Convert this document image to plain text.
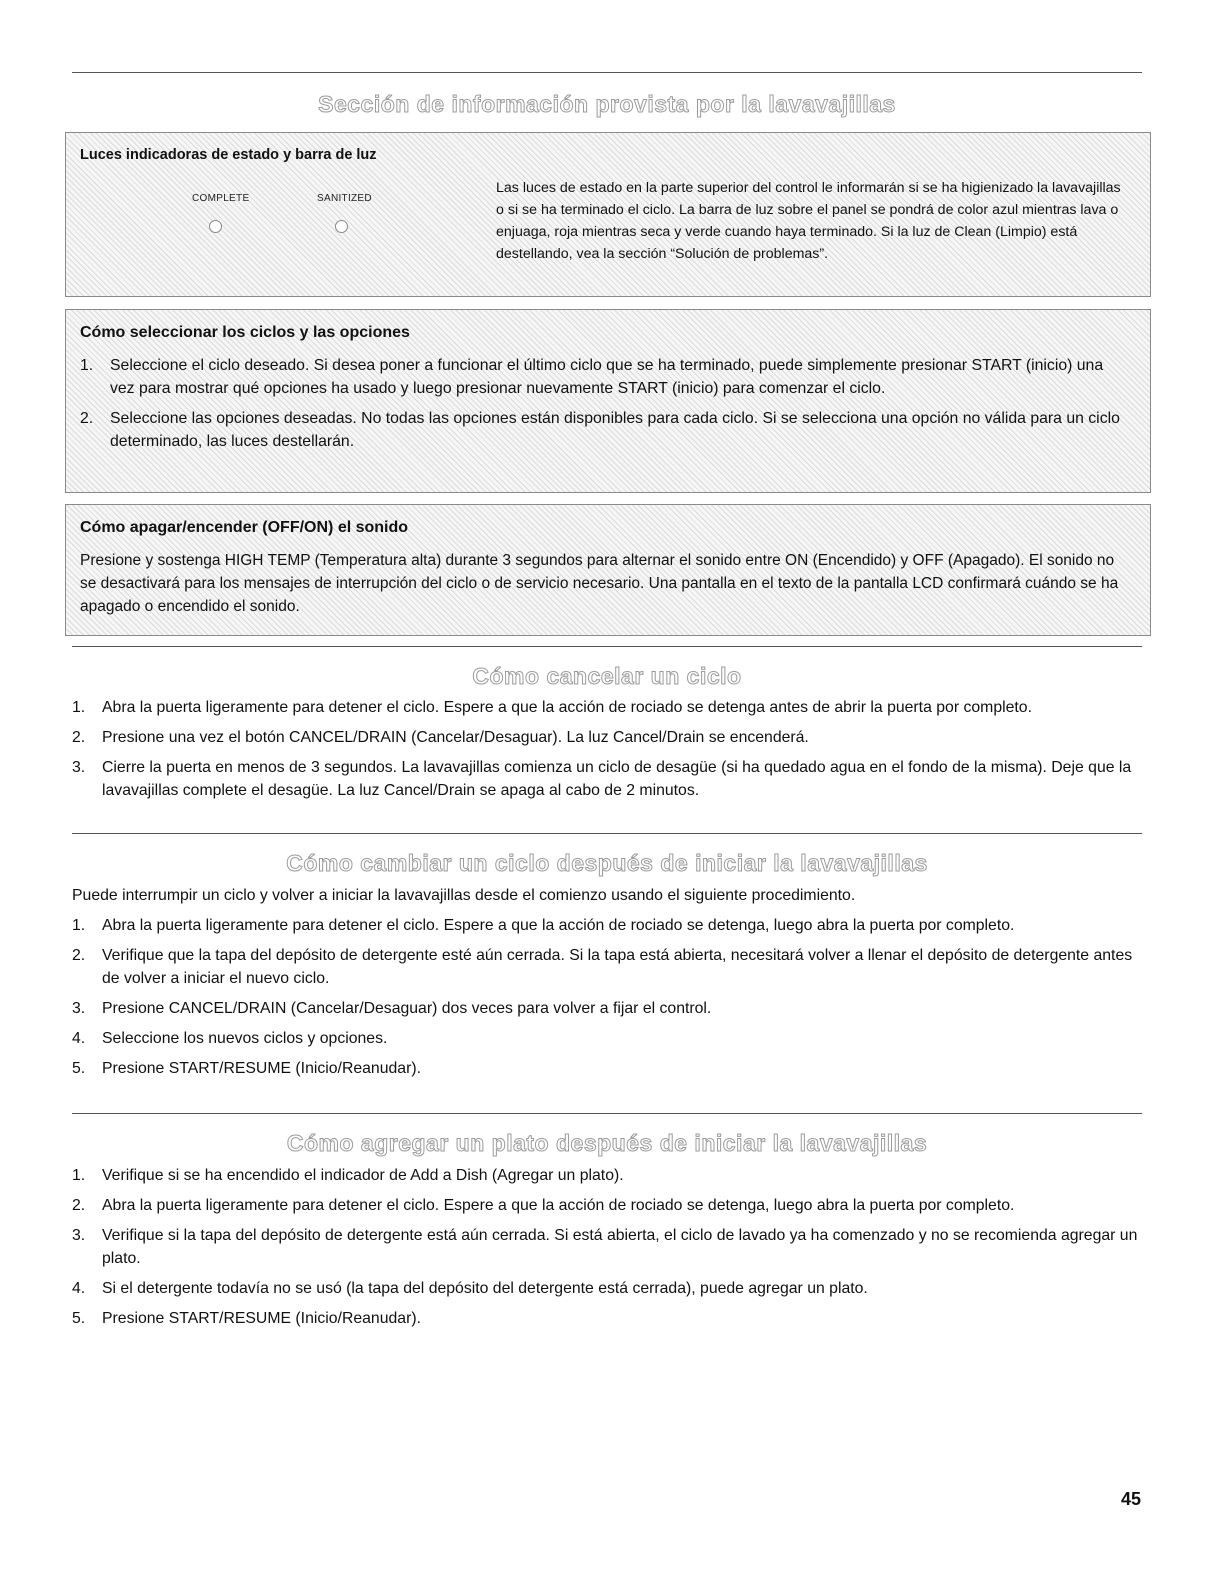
Sección de información provista por la lavavajillas
Luces indicadoras de estado y barra de luz
COMPLETE	SANITIZED
Las luces de estado en la parte superior del control le informarán si se ha higienizado la lavavajillas o si se ha terminado el ciclo. La barra de luz sobre el panel se pondrá de color azul mientras lava o enjuaga, roja mientras seca y verde cuando haya terminado. Si la luz de Clean (Limpio) está destellando, vea la sección “Solución de problemas”.
Cómo seleccionar los ciclos y las opciones
1. Seleccione el ciclo deseado. Si desea poner a funcionar el último ciclo que se ha terminado, puede simplemente presionar START (inicio) una vez para mostrar qué opciones ha usado y luego presionar nuevamente START (inicio) para comenzar el ciclo.
2. Seleccione las opciones deseadas. No todas las opciones están disponibles para cada ciclo. Si se selecciona una opción no válida para un ciclo determinado, las luces destellarán.
Cómo apagar/encender (OFF/ON) el sonido
Presione y sostenga HIGH TEMP (Temperatura alta) durante 3 segundos para alternar el sonido entre ON (Encendido) y OFF (Apagado). El sonido no se desactivará para los mensajes de interrupción del ciclo o de servicio necesario. Una pantalla en el texto de la pantalla LCD confirmará cuándo se ha apagado o encendido el sonido.
Cómo cancelar un ciclo
1. Abra la puerta ligeramente para detener el ciclo. Espere a que la acción de rociado se detenga antes de abrir la puerta por completo.
2. Presione una vez el botón CANCEL/DRAIN (Cancelar/Desaguar). La luz Cancel/Drain se encenderá.
3. Cierre la puerta en menos de 3 segundos. La lavavajillas comienza un ciclo de desagüe (si ha quedado agua en el fondo de la misma). Deje que la lavavajillas complete el desagüe. La luz Cancel/Drain se apaga al cabo de 2 minutos.
Cómo cambiar un ciclo después de iniciar la lavavajillas
Puede interrumpir un ciclo y volver a iniciar la lavavajillas desde el comienzo usando el siguiente procedimiento.
1. Abra la puerta ligeramente para detener el ciclo. Espere a que la acción de rociado se detenga, luego abra la puerta por completo.
2. Verifique que la tapa del depósito de detergente esté aún cerrada. Si la tapa está abierta, necesitará volver a llenar el depósito de detergente antes de volver a iniciar el nuevo ciclo.
3. Presione CANCEL/DRAIN (Cancelar/Desaguar) dos veces para volver a fijar el control.
4. Seleccione los nuevos ciclos y opciones.
5. Presione START/RESUME (Inicio/Reanudar).
Cómo agregar un plato después de iniciar la lavavajillas
1. Verifique si se ha encendido el indicador de Add a Dish (Agregar un plato).
2. Abra la puerta ligeramente para detener el ciclo. Espere a que la acción de rociado se detenga, luego abra la puerta por completo.
3. Verifique si la tapa del depósito de detergente está aún cerrada. Si está abierta, el ciclo de lavado ya ha comenzado y no se recomienda agregar un plato.
4. Si el detergente todavía no se usó (la tapa del depósito del detergente está cerrada), puede agregar un plato.
5. Presione START/RESUME (Inicio/Reanudar).
45
